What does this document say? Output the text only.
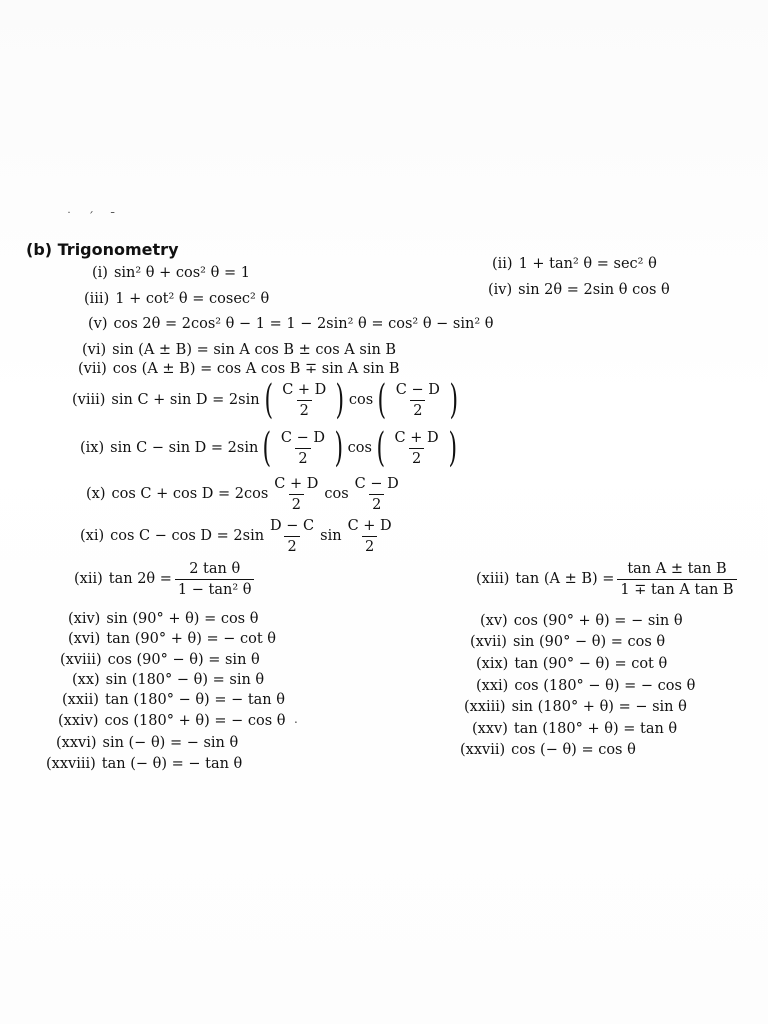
˙ ´ ˉ
(b) Trigonometry
(i) sin² θ + cos² θ = 1
(ii) 1 + tan² θ = sec² θ
(iii) 1 + cot² θ = cosec² θ
(iv) sin 2θ = 2sin θ cos θ
(v) cos 2θ = 2cos² θ − 1 = 1 − 2sin² θ = cos² θ − sin² θ
(vi) sin (A ± B) = sin A cos B ± cos A sin B
(vii) cos (A ± B) = cos A cos B ∓ sin A sin B
(viii) sin C + sin D = 2sin ( $\frac{C + D}{2}$ ) cos ( $\frac{C - D}{2}$ )
(ix) sin C − sin D = 2sin ( $\frac{C - D}{2}$ ) cos ( $\frac{C + D}{2}$ )
(x) $\cos C + \cos D = 2\cos \frac{C + D}{2}$ $\cos \frac{C - D}{2}$
(xi) $\cos C - \cos D = 2\sin \frac{D - C}{2}$ $\sin \frac{C + D}{2}$
(xii) $\tan 2\theta = \frac{\text{2 tan θ}}{\text{1 − tan² θ}}$	(xiii) $\tan (A \pm B) = \frac{\text{tan A ± tan B}}{\text{1 ∓ tan A tan B}}$
(xiv) sin (90° + θ) = cos θ
(xvi) tan (90° + θ) = − cot θ
(xviii) cos (90° − θ) = sin θ
(xx) sin (180° − θ) = sin θ
(xxii) tan (180° − θ) = − tan θ
(xxiv) cos (180° + θ) = − cos θ
(xxvi) sin (− θ) = − sin θ
(xxviii) tan (− θ) = − tan θ
(xv) cos (90° + θ) = − sin θ
(xvii) sin (90° − θ) = cos θ
(xix) tan (90° − θ) = cot θ
(xxi) cos (180° − θ) = − cos θ
(xxiii) sin (180° + θ) = − sin θ
(xxv) tan (180° + θ) = tan θ
(xxvii) cos (− θ) = cos θ
.
